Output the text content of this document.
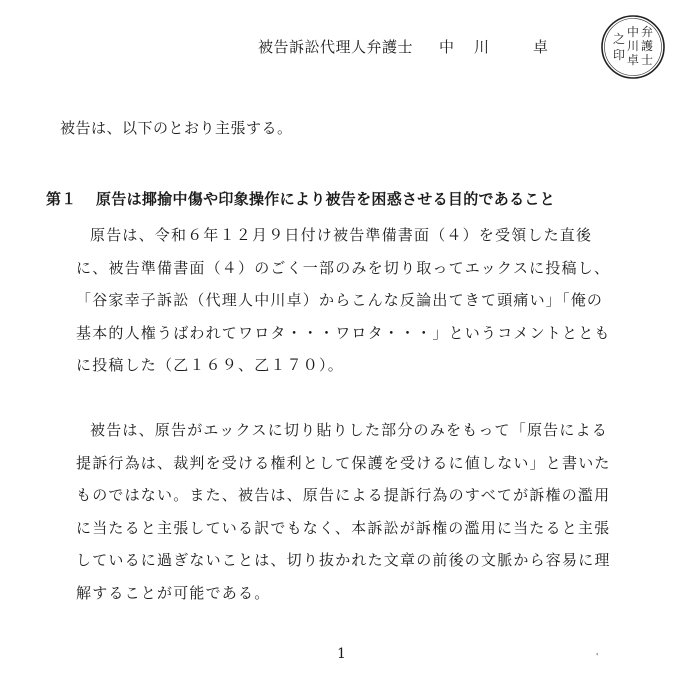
被告訴訟代理人弁護士 中川 卓
弁
護
士
中
川
卓
之
印
被告は、以下のとおり主張する。
第１ 原告は揶揄中傷や印象操作により被告を困惑させる目的であること
原告は、令和６年１２月９日付け被告準備書面（４）を受領した直後
に、被告準備書面（４）のごく一部のみを切り取ってエックスに投稿し、
「谷家幸子訴訟（代理人中川卓）からこんな反論出てきて頭痛い」「俺の
基本的人権うばわれてワロタ・・・ワロタ・・・」というコメントととも
に投稿した（乙１６９、乙１７０）。
被告は、原告がエックスに切り貼りした部分のみをもって「原告による
提訴行為は、裁判を受ける権利として保護を受けるに値しない」と書いた
ものではない。また、被告は、原告による提訴行為のすべてが訴権の濫用
に当たると主張している訳でもなく、本訴訟が訴権の濫用に当たると主張
しているに過ぎないことは、切り抜かれた文章の前後の文脈から容易に理
解することが可能である。
1	'
